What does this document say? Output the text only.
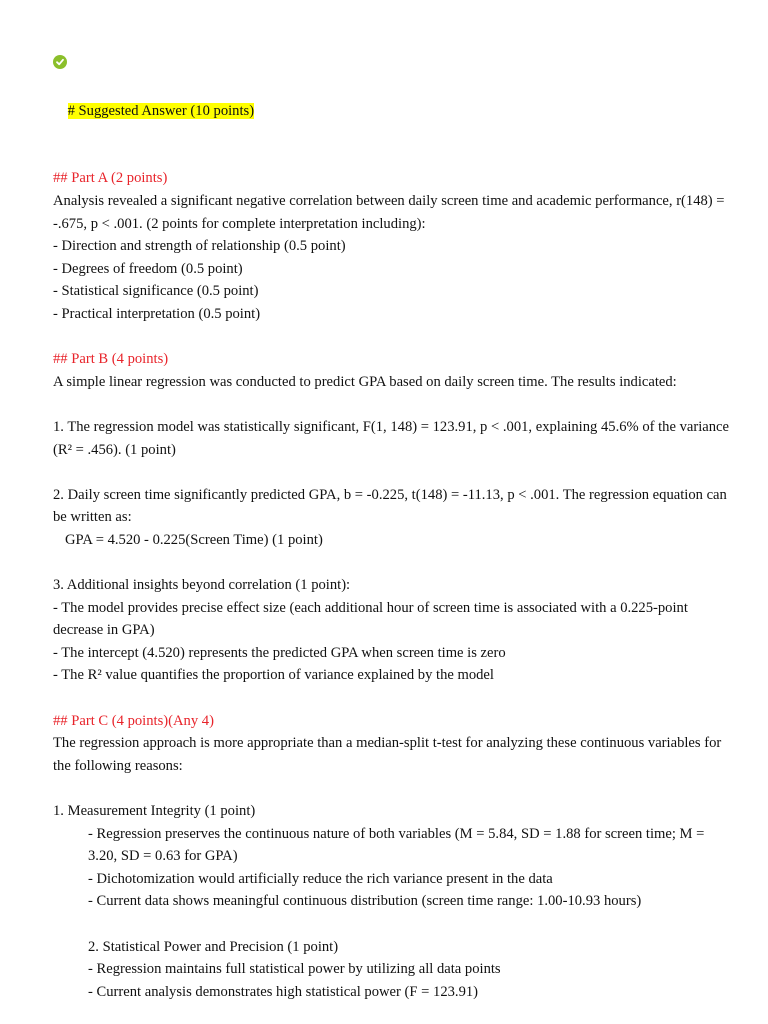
# Suggested Answer (10 points)

## Part A (2 points)
Analysis revealed a significant negative correlation between daily screen time and academic performance, r(148) = -.675, p < .001. (2 points for complete interpretation including):
- Direction and strength of relationship (0.5 point)
- Degrees of freedom (0.5 point)
- Statistical significance (0.5 point)
- Practical interpretation (0.5 point)
## Part B (4 points)
A simple linear regression was conducted to predict GPA based on daily screen time. The results indicated:
1. The regression model was statistically significant, F(1, 148) = 123.91, p < .001, explaining 45.6% of the variance (R² = .456). (1 point)
2. Daily screen time significantly predicted GPA, b = -0.225, t(148) = -11.13, p < .001. The regression equation can be written as:
GPA = 4.520 - 0.225(Screen Time) (1 point)
3. Additional insights beyond correlation (1 point):
- The model provides precise effect size (each additional hour of screen time is associated with a 0.225-point decrease in GPA)
- The intercept (4.520) represents the predicted GPA when screen time is zero
- The R² value quantifies the proportion of variance explained by the model
## Part C (4 points)(Any 4)
The regression approach is more appropriate than a median-split t-test for analyzing these continuous variables for the following reasons:
1. Measurement Integrity (1 point)
- Regression preserves the continuous nature of both variables (M = 5.84, SD = 1.88 for screen time; M = 3.20, SD = 0.63 for GPA)
- Dichotomization would artificially reduce the rich variance present in the data
- Current data shows meaningful continuous distribution (screen time range: 1.00-10.93 hours)
2. Statistical Power and Precision (1 point)
- Regression maintains full statistical power by utilizing all data points
- Current analysis demonstrates high statistical power (F = 123.91)
